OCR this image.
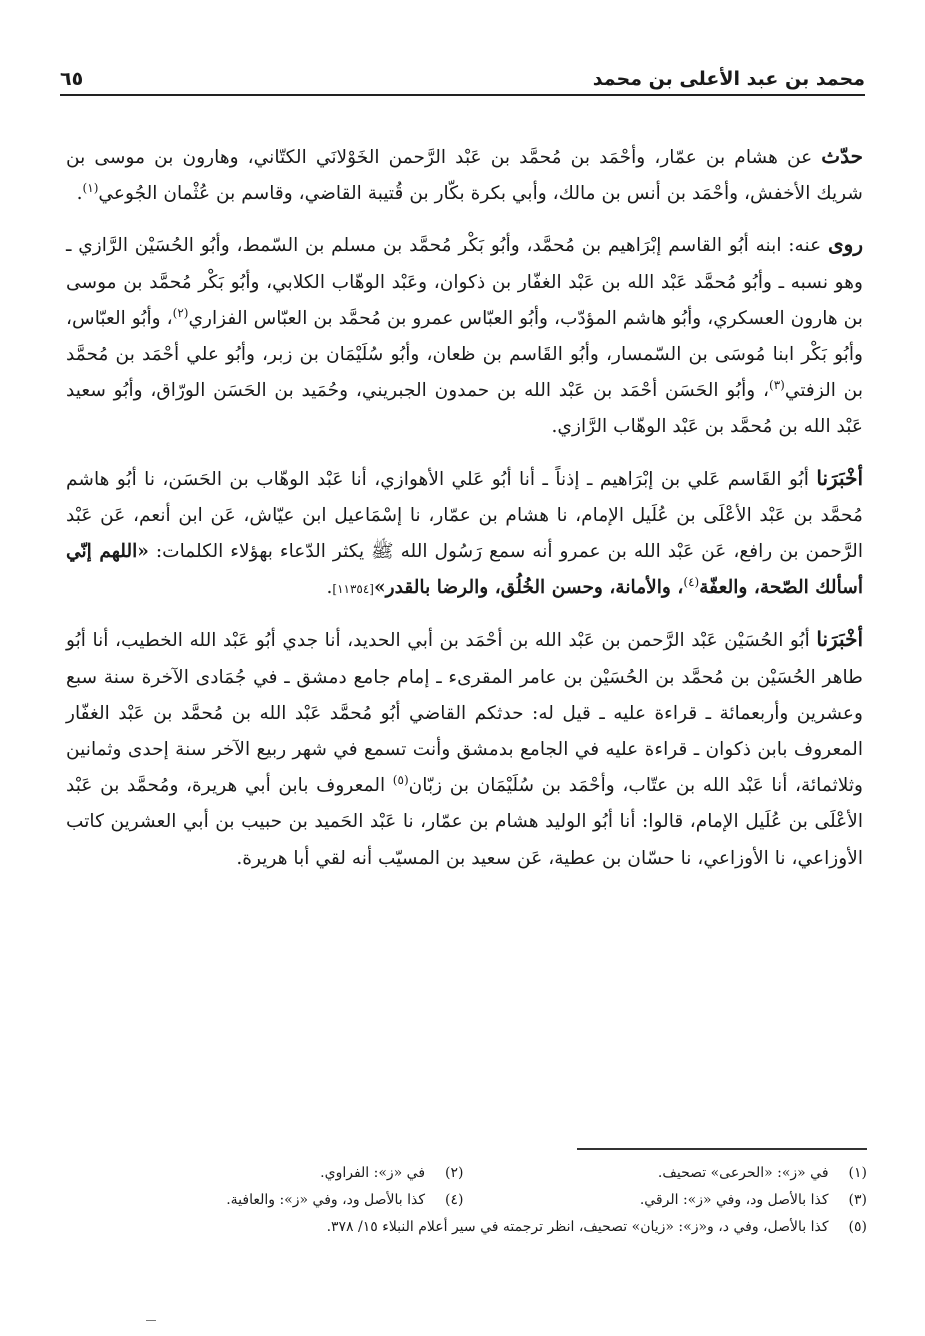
محمد بن عبد الأعلى بن محمد
٦٥

حدّث عن هشام بن عمّار، وأحْمَد بن مُحمَّد بن عَبْد الرَّحمن الخَوْلانَي الكتّاني، وهارون بن موسى بن شريك الأخفش، وأحْمَد بن أنس بن مالك، وأبي بكرة بكّار بن قُتيبة القاضي، وقاسم بن عُثْمان الجُوعي$^{(١)}$.

روى عنه: ابنه أبُو القاسم إبْرَاهيم بن مُحمَّد، وأبُو بَكْر مُحمَّد بن مسلم بن السّمط، وأبُو الحُسَيْن الرَّازي ـ وهو نسبه ـ وأبُو مُحمَّد عَبْد الله بن عَبْد الغفّار بن ذكوان، وعَبْد الوهّاب الكلابي، وأبُو بَكْر مُحمَّد بن موسى بن هارون العسكري، وأبُو هاشم المؤدّب، وأبُو العبّاس عمرو بن مُحمَّد بن العبّاس الفزاري$^{(٢)}$، وأبُو العبّاس، وأبُو بَكْر ابنا مُوسَى بن السّمسار، وأبُو القَاسم بن ظعان، وأبُو سُلَيْمَان بن زبر، وأبُو علي أحْمَد بن مُحمَّد بن الزفتي$^{(٣)}$، وأبُو الحَسَن أحْمَد بن عَبْد الله بن حمدون الجبريني، وحُمَيد بن الحَسَن الورّاق، وأبُو سعيد عَبْد الله بن مُحمَّد بن عَبْد الوهّاب الرَّازي.

أخْبَرَنا أبُو القَاسم عَلي بن إبْرَاهيم ـ إذناً ـ أنا أبُو عَلي الأهوازي، أنا عَبْد الوهّاب بن الحَسَن، نا أبُو هاشم مُحمَّد بن عَبْد الأعْلَى بن عُلَيل الإمام، نا هشام بن عمّار، نا إسْمَاعيل ابن عيّاش، عَن ابن أنعم، عَن عَبْد الرَّحمن بن رافع، عَن عَبْد الله بن عمرو أنه سمع رَسُول الله ﷺ يكثر الدّعاء بهؤلاء الكلمات: «اللهم إنّي أسألك الصّحة، والعفّة$^{(٤)}$، والأمانة، وحسن الخُلُق، والرضا بالقدر»[١١٣٥٤].

أخْبَرَنا أبُو الحُسَيْن عَبْد الرَّحمن بن عَبْد الله بن أحْمَد بن أبي الحديد، أنا جدي أبُو عَبْد الله الخطيب، أنا أبُو طاهر الحُسَيْن بن مُحمَّد بن الحُسَيْن بن عامر المقرىء ـ إمام جامع دمشق ـ في جُمَادى الآخرة سنة سبع وعشرين وأربعمائة ـ قراءة عليه ـ قيل له: حدثكم القاضي أبُو مُحمَّد عَبْد الله بن مُحمَّد بن عَبْد الغفّار المعروف بابن ذكوان ـ قراءة عليه في الجامع بدمشق وأنت تسمع في شهر ربيع الآخر سنة إحدى وثمانين وثلاثمائة، أنا عَبْد الله بن عتّاب، وأحْمَد بن سُلَيْمَان بن زبّان$^{(٥)}$ المعروف بابن أبي هريرة، ومُحمَّد بن عَبْد الأعْلَى بن عُلَيل الإمام، قالوا: أنا أبُو الوليد هشام بن عمّار، نا عَبْد الحَميد بن حبيب بن أبي العشرين كاتب الأوزاعي، نا الأوزاعي، نا حسّان بن عطية، عَن سعيد بن المسيّب أنه لقي أبا هريرة.

(١) في «ز»: «الحرعى» تصحيف.
(٢) في «ز»: الفراوي.
(٣) كذا بالأصل ود، وفي «ز»: الرقي.
(٤) كذا بالأصل ود، وفي «ز»: والعافية.
(٥) كذا بالأصل، وفي د، و«ز»: «زيان» تصحيف، انظر ترجمته في سير أعلام النبلاء ١٥/ ٣٧٨.
